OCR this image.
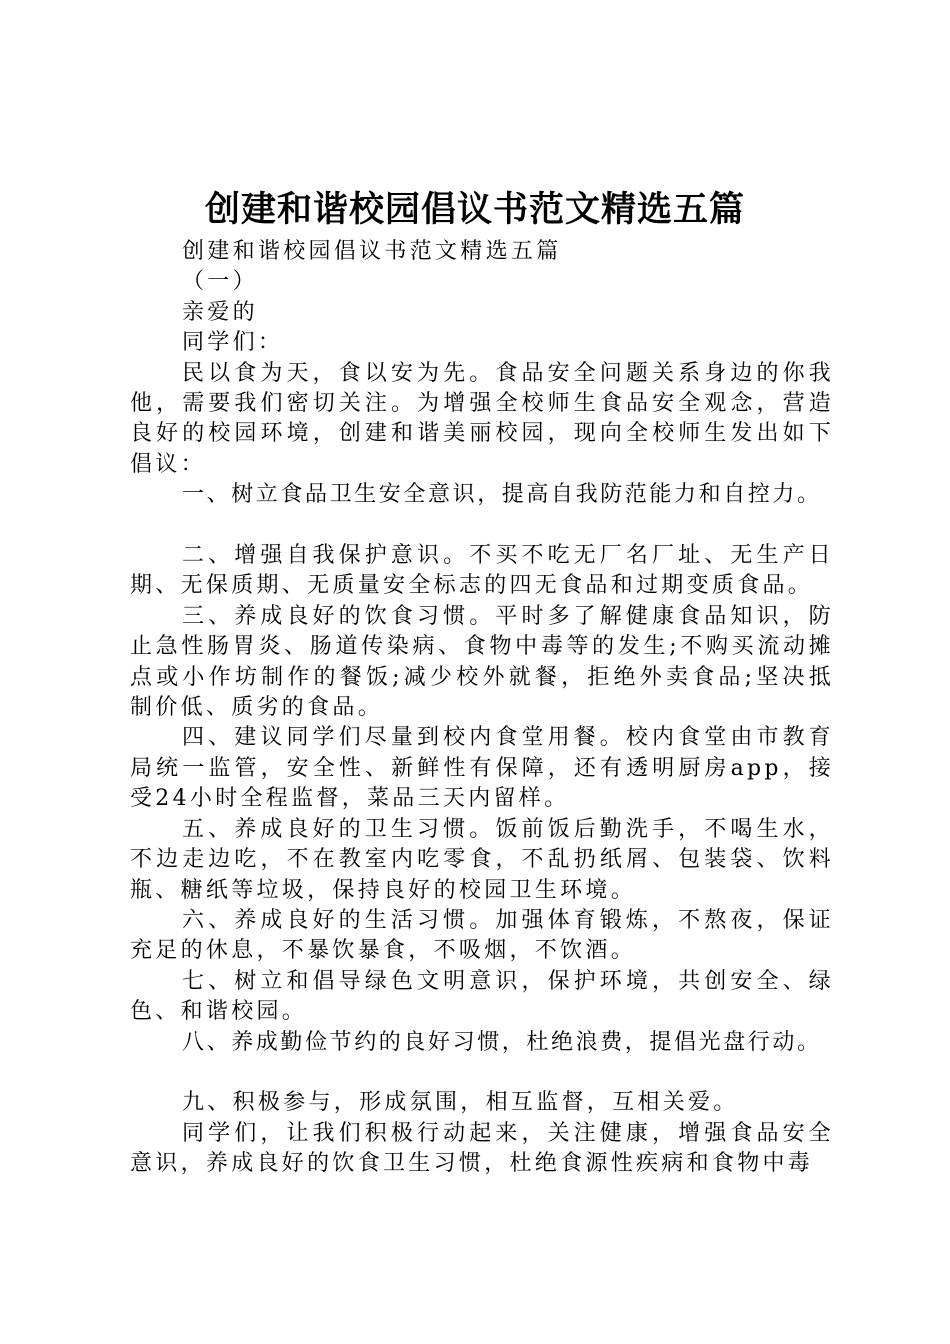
创建和谐校园倡议书范文精选五篇

创建和谐校园倡议书范文精选五篇

（一）

亲爱的

同学们：

民以食为天，食以安为先。食品安全问题关系身边的你我他，需要我们密切关注。为增强全校师生食品安全观念，营造良好的校园环境，创建和谐美丽校园，现向全校师生发出如下倡议：

一、树立食品卫生安全意识，提高自我防范能力和自控力。

二、增强自我保护意识。不买不吃无厂名厂址、无生产日期、无保质期、无质量安全标志的四无食品和过期变质食品。

三、养成良好的饮食习惯。平时多了解健康食品知识，防止急性肠胃炎、肠道传染病、食物中毒等的发生;不购买流动摊点或小作坊制作的餐饭;减少校外就餐，拒绝外卖食品;坚决抵制价低、质劣的食品。

四、建议同学们尽量到校内食堂用餐。校内食堂由市教育局统一监管，安全性、新鲜性有保障，还有透明厨房app，接受24小时全程监督，菜品三天内留样。

五、养成良好的卫生习惯。饭前饭后勤洗手，不喝生水，不边走边吃，不在教室内吃零食，不乱扔纸屑、包装袋、饮料瓶、糖纸等垃圾，保持良好的校园卫生环境。

六、养成良好的生活习惯。加强体育锻炼，不熬夜，保证充足的休息，不暴饮暴食，不吸烟，不饮酒。

七、树立和倡导绿色文明意识，保护环境，共创安全、绿色、和谐校园。

八、养成勤俭节约的良好习惯，杜绝浪费，提倡光盘行动。

九、积极参与，形成氛围，相互监督，互相关爱。

同学们，让我们积极行动起来，关注健康，增强食品安全意识，养成良好的饮食卫生习惯，杜绝食源性疾病和食物中毒
